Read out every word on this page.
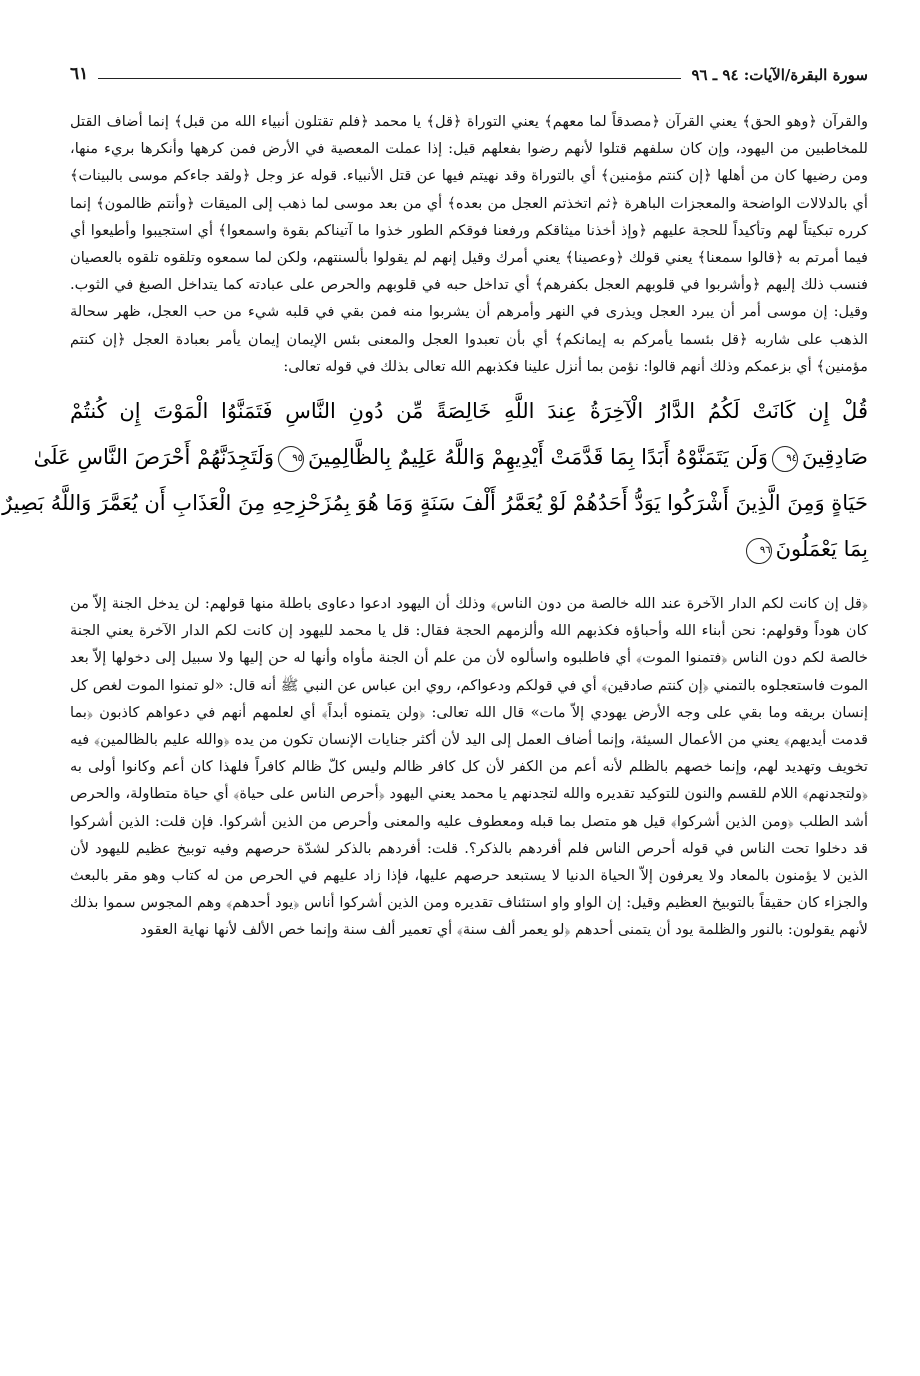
سورة البقرة/الآيات: ٩٤ ـ ٩٦
٦١

والقرآن ﴿وهو الحق﴾ يعني القرآن ﴿مصدقاً لما معهم﴾ يعني التوراة ﴿قل﴾ يا محمد ﴿فلم تقتلون أنبياء الله من قبل﴾ إنما أضاف القتل للمخاطبين من اليهود، وإن كان سلفهم قتلوا لأنهم رضوا بفعلهم قيل: إذا عملت المعصية في الأرض فمن كرهها وأنكرها بريء منها، ومن رضيها كان من أهلها ﴿إن كنتم مؤمنين﴾ أي بالتوراة وقد نهيتم فيها عن قتل الأنبياء. قوله عز وجل ﴿ولقد جاءكم موسى بالبينات﴾ أي بالدلالات الواضحة والمعجزات الباهرة ﴿ثم اتخذتم العجل من بعده﴾ أي من بعد موسى لما ذهب إلى الميقات ﴿وأنتم ظالمون﴾ إنما كرره تبكيتاً لهم وتأكيداً للحجة عليهم ﴿وإذ أخذنا ميثاقكم ورفعنا فوقكم الطور خذوا ما آتيناكم بقوة واسمعوا﴾ أي استجيبوا وأطيعوا أي فيما أمرتم به ﴿قالوا سمعنا﴾ يعني قولك ﴿وعصينا﴾ يعني أمرك وقيل إنهم لم يقولوا بألسنتهم، ولكن لما سمعوه وتلقوه تلقوه بالعصيان فنسب ذلك إليهم ﴿وأشربوا في قلوبهم العجل بكفرهم﴾ أي تداخل حبه في قلوبهم والحرص على عبادته كما يتداخل الصبغ في الثوب. وقيل: إن موسى أمر أن يبرد العجل ويذرى في النهر وأمرهم أن يشربوا منه فمن بقي في قلبه شيء من حب العجل، ظهر سحالة الذهب على شاربه ﴿قل بئسما يأمركم به إيمانكم﴾ أي بأن تعبدوا العجل والمعنى بئس الإيمان إيمان يأمر بعبادة العجل ﴿إن كنتم مؤمنين﴾ أي بزعمكم وذلك أنهم قالوا: نؤمن بما أنزل علينا فكذبهم الله تعالى بذلك في قوله تعالى:

قُلْ إِن كَانَتْ لَكُمُ الدَّارُ الْآخِرَةُ عِندَ اللَّهِ خَالِصَةً مِّن دُونِ النَّاسِ فَتَمَنَّوُا الْمَوْتَ إِن كُنتُمْ
صَادِقِينَ٩٤وَلَن يَتَمَنَّوْهُ أَبَدًا بِمَا قَدَّمَتْ أَيْدِيهِمْ وَاللَّهُ عَلِيمٌ بِالظَّالِمِينَ٩٥وَلَتَجِدَنَّهُمْ أَحْرَصَ النَّاسِ عَلَىٰ
حَيَاةٍ وَمِنَ الَّذِينَ أَشْرَكُوا يَوَدُّ أَحَدُهُمْ لَوْ يُعَمَّرُ أَلْفَ سَنَةٍ وَمَا هُوَ بِمُزَحْزِحِهِ مِنَ الْعَذَابِ أَن يُعَمَّرَ وَاللَّهُ بَصِيرٌ
بِمَا يَعْمَلُونَ٩٦

﴿قل إن كانت لكم الدار الآخرة عند الله خالصة من دون الناس﴾ وذلك أن اليهود ادعوا دعاوى باطلة منها قولهم: لن يدخل الجنة إلاّ من كان هوداً وقولهم: نحن أبناء الله وأحباؤه فكذبهم الله وألزمهم الحجة فقال: قل يا محمد لليهود إن كانت لكم الدار الآخرة يعني الجنة خالصة لكم دون الناس ﴿فتمنوا الموت﴾ أي فاطلبوه واسألوه لأن من علم أن الجنة مأواه وأنها له حن إليها ولا سبيل إلى دخولها إلاّ بعد الموت فاستعجلوه بالتمني ﴿إن كنتم صادقين﴾ أي في قولكم ودعواكم، روي ابن عباس عن النبي ﷺ أنه قال: «لو تمنوا الموت لغص كل إنسان بريقه وما بقي على وجه الأرض يهودي إلاّ مات» قال الله تعالى: ﴿ولن يتمنوه أبداً﴾ أي لعلمهم أنهم في دعواهم كاذبون ﴿بما قدمت أيديهم﴾ يعني من الأعمال السيئة، وإنما أضاف العمل إلى اليد لأن أكثر جنايات الإنسان تكون من يده ﴿والله عليم بالظالمين﴾ فيه تخويف وتهديد لهم، وإنما خصهم بالظلم لأنه أعم من الكفر لأن كل كافر ظالم وليس كلّ ظالم كافراً فلهذا كان أعم وكانوا أولى به ﴿ولتجدنهم﴾ اللام للقسم والنون للتوكيد تقديره والله لتجدنهم يا محمد يعني اليهود ﴿أحرص الناس على حياة﴾ أي حياة متطاولة، والحرص أشد الطلب ﴿ومن الذين أشركوا﴾ قيل هو متصل بما قبله ومعطوف عليه والمعنى وأحرص من الذين أشركوا. فإن قلت: الذين أشركوا قد دخلوا تحت الناس في قوله أحرص الناس فلم أفردهم بالذكر؟. قلت: أفردهم بالذكر لشدّة حرصهم وفيه توبيخ عظيم لليهود لأن الذين لا يؤمنون بالمعاد ولا يعرفون إلاّ الحياة الدنيا لا يستبعد حرصهم عليها، فإذا زاد عليهم في الحرص من له كتاب وهو مقر بالبعث والجزاء كان حقيقاً بالتوبيخ العظيم وقيل: إن الواو واو استئناف تقديره ومن الذين أشركوا أناس ﴿يود أحدهم﴾ وهم المجوس سموا بذلك لأنهم يقولون: بالنور والظلمة يود أن يتمنى أحدهم ﴿لو يعمر ألف سنة﴾ أي تعمير ألف سنة وإنما خص الألف لأنها نهاية العقود
